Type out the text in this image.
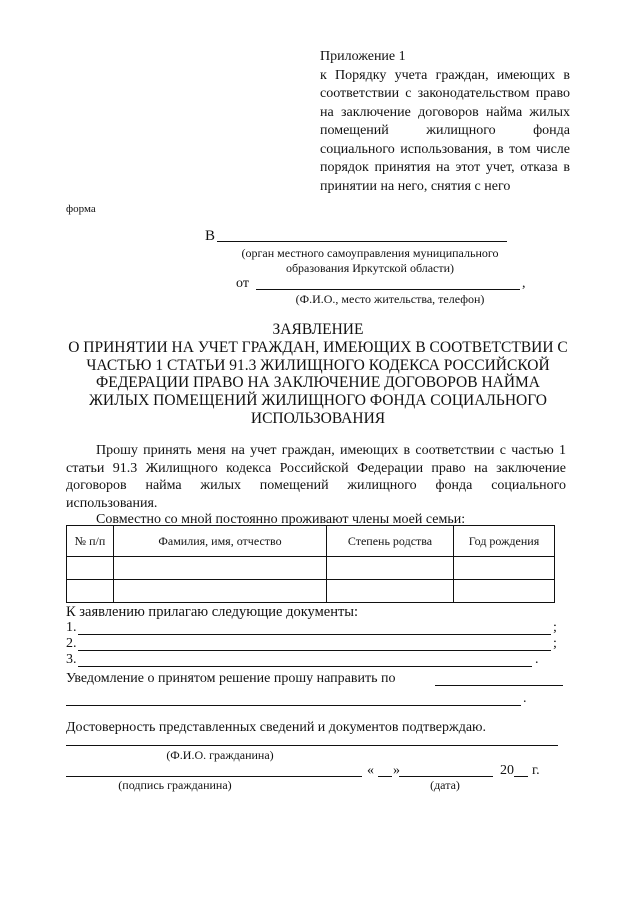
Приложение 1
к Порядку учета граждан, имеющих в соответствии с законодательством право на заключение договоров найма жилых помещений жилищного фонда социального использования, в том числе порядок принятия на этот учет, отказа в принятии на него, снятия с него
форма
В
(орган местного самоуправления муниципального
образования Иркутской области)
от	,
(Ф.И.О., место жительства, телефон)
ЗАЯВЛЕНИЕ
О ПРИНЯТИИ НА УЧЕТ ГРАЖДАН, ИМЕЮЩИХ В СООТВЕТСТВИИ С
ЧАСТЬЮ 1 СТАТЬИ 91.3 ЖИЛИЩНОГО КОДЕКСА РОССИЙСКОЙ
ФЕДЕРАЦИИ ПРАВО НА ЗАКЛЮЧЕНИЕ ДОГОВОРОВ НАЙМА
ЖИЛЫХ ПОМЕЩЕНИЙ ЖИЛИЩНОГО ФОНДА СОЦИАЛЬНОГО
ИСПОЛЬЗОВАНИЯ
Прошу принять меня на учет граждан, имеющих в соответствии с частью 1 статьи 91.3 Жилищного кодекса Российской Федерации право на заключение договоров найма жилых помещений жилищного фонда социального использования.
Совместно со мной постоянно проживают члены моей семьи:
№ п/п	Фамилия, имя, отчество	Степень родства	Год рождения

К заявлению прилагаю следующие документы:
1.	;
2.	;
3.	.
Уведомление о принятом решение прошу направить по
.
Достоверность представленных сведений и документов подтверждаю.
(Ф.И.О. гражданина)
« »	20 г.
(подпись гражданина)	(дата)
